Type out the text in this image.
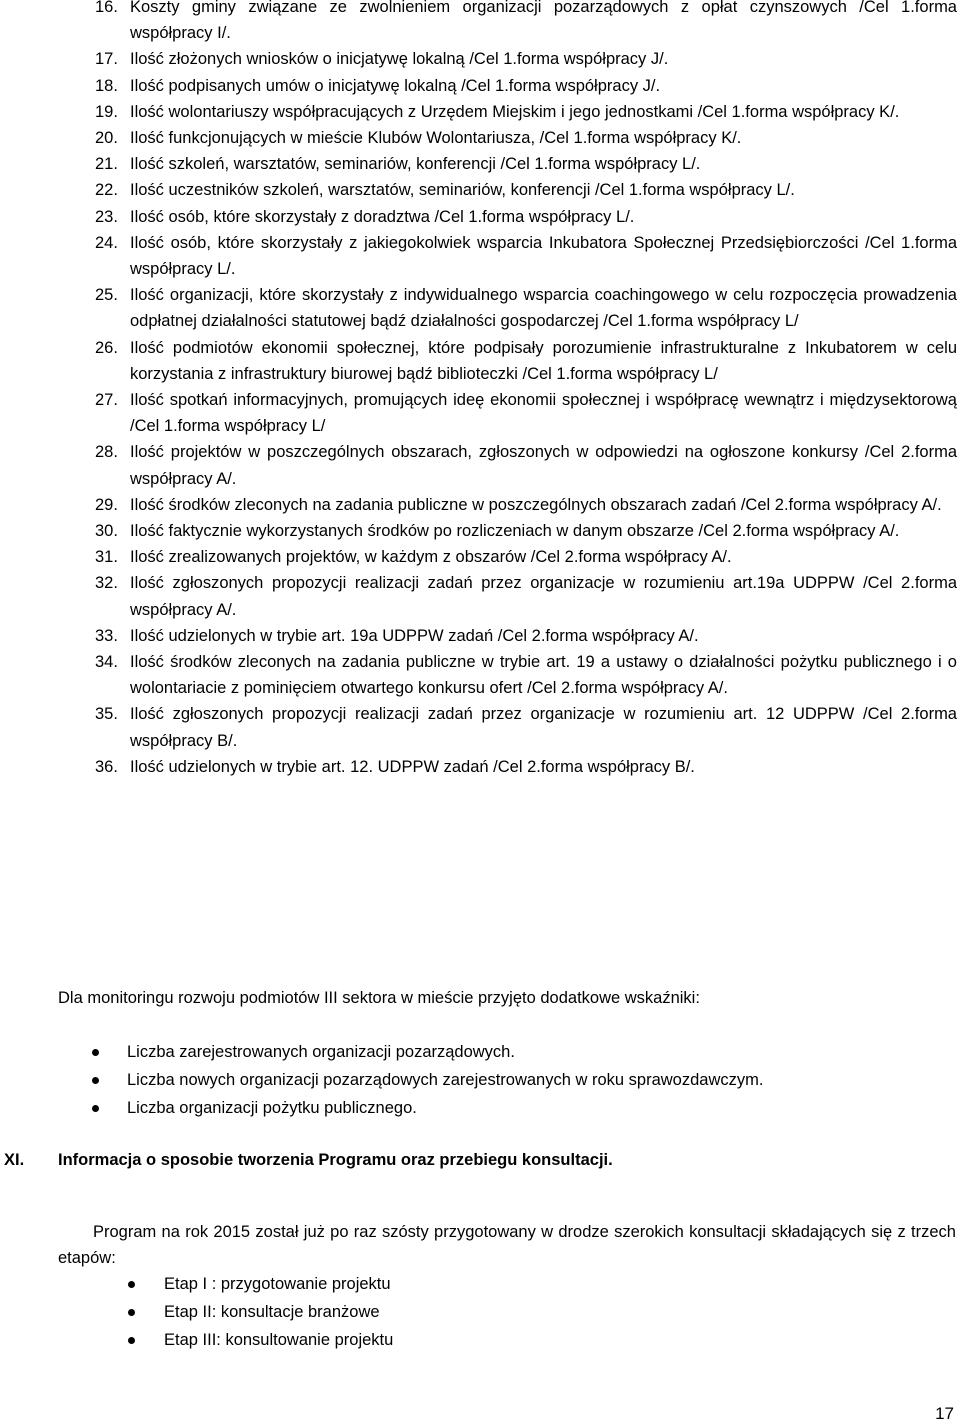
16. Koszty gminy związane ze zwolnieniem organizacji pozarządowych z opłat czynszowych /Cel 1.forma współpracy I/.
17. Ilość złożonych wniosków o inicjatywę lokalną /Cel 1.forma współpracy J/.
18. Ilość podpisanych umów o inicjatywę lokalną /Cel 1.forma współpracy J/.
19. Ilość wolontariuszy współpracujących z Urzędem Miejskim i jego jednostkami /Cel 1.forma współpracy K/.
20. Ilość funkcjonujących w mieście Klubów Wolontariusza, /Cel 1.forma współpracy K/.
21. Ilość szkoleń, warsztatów, seminariów, konferencji /Cel 1.forma współpracy L/.
22. Ilość uczestników szkoleń, warsztatów, seminariów, konferencji /Cel 1.forma współpracy L/.
23. Ilość osób, które skorzystały z doradztwa /Cel 1.forma współpracy L/.
24. Ilość osób, które skorzystały z jakiegokolwiek wsparcia Inkubatora Społecznej Przedsiębiorczości /Cel 1.forma współpracy L/.
25. Ilość organizacji, które skorzystały z indywidualnego wsparcia coachingowego w celu rozpoczęcia prowadzenia odpłatnej działalności statutowej bądź działalności gospodarczej /Cel 1.forma współpracy L/
26. Ilość podmiotów ekonomii społecznej, które podpisały porozumienie infrastrukturalne z Inkubatorem w celu korzystania z infrastruktury biurowej bądź biblioteczki /Cel 1.forma współpracy L/
27. Ilość spotkań informacyjnych, promujących ideę ekonomii społecznej i współpracę wewnątrz i międzysektorową /Cel 1.forma współpracy L/
28. Ilość projektów w poszczególnych obszarach, zgłoszonych w odpowiedzi na ogłoszone konkursy /Cel 2.forma współpracy A/.
29. Ilość środków zleconych na zadania publiczne w poszczególnych obszarach zadań /Cel 2.forma współpracy A/.
30. Ilość faktycznie wykorzystanych środków po rozliczeniach w danym obszarze /Cel 2.forma współpracy A/.
31. Ilość zrealizowanych projektów, w każdym z obszarów /Cel 2.forma współpracy A/.
32. Ilość zgłoszonych propozycji realizacji zadań przez organizacje w rozumieniu art.19a UDPPW /Cel 2.forma współpracy A/.
33. Ilość udzielonych w trybie art. 19a UDPPW zadań /Cel 2.forma współpracy A/.
34. Ilość środków zleconych na zadania publiczne w trybie art. 19 a ustawy o działalności pożytku publicznego i o wolontariacie z pominięciem otwartego konkursu ofert /Cel 2.forma współpracy A/.
35. Ilość zgłoszonych propozycji realizacji zadań przez organizacje w rozumieniu art. 12 UDPPW /Cel 2.forma współpracy B/.
36. Ilość udzielonych w trybie art. 12. UDPPW zadań /Cel 2.forma współpracy B/.
Dla monitoringu rozwoju podmiotów III sektora w mieście przyjęto dodatkowe wskaźniki:
Liczba zarejestrowanych organizacji pozarządowych.
Liczba nowych organizacji pozarządowych zarejestrowanych w roku sprawozdawczym.
Liczba organizacji pożytku publicznego.
XI.	Informacja o sposobie tworzenia Programu oraz przebiegu konsultacji.
Program na rok 2015 został już po raz szósty przygotowany w drodze szerokich konsultacji składających się z trzech etapów:
Etap I : przygotowanie projektu
Etap II: konsultacje branżowe
Etap III: konsultowanie projektu
17
